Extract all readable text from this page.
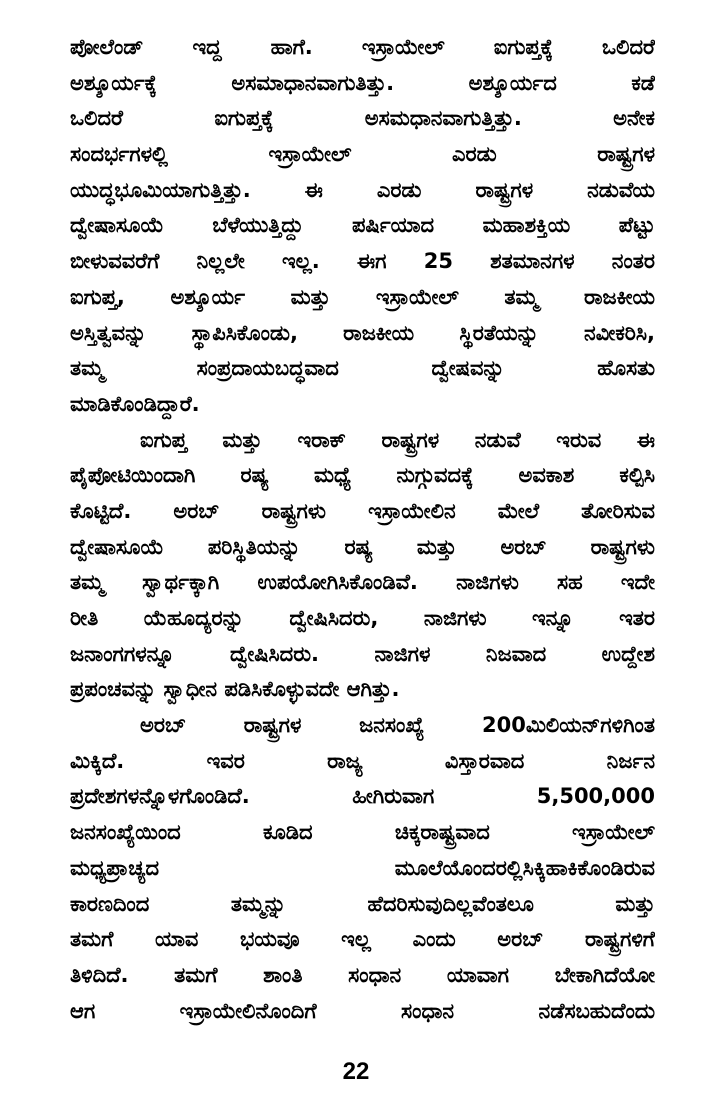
ಪೋಲೆಂಡ್ ಇದ್ದ ಹಾಗೆ. ಇಸ್ರಾಯೇಲ್ ಐಗುಪ್ತಕ್ಕೆ ಒಲಿದರೆ
ಅಶ್ಶೂರ್ಯಕ್ಕೆ ಅಸಮಾಧಾನವಾಗುತಿತ್ತು. ಅಶ್ಶೂರ್ಯದ ಕಡೆ
ಒಲಿದರೆ ಐಗುಪ್ತಕ್ಕೆ ಅಸಮಧಾನವಾಗುತ್ತಿತ್ತು. ಅನೇಕ
ಸಂದರ್ಭಗಳಲ್ಲಿ ಇಸ್ರಾಯೇಲ್ ಎರಡು ರಾಷ್ಟ್ರಗಳ
ಯುದ್ಧಭೂಮಿಯಾಗುತ್ತಿತ್ತು. ಈ ಎರಡು ರಾಷ್ಟ್ರಗಳ ನಡುವೆಯ
ದ್ವೇಷಾಸೂಯೆ ಬೆಳೆಯುತ್ತಿದ್ದು ಪರ್ಷಿಯಾದ ಮಹಾಶಕ್ತಿಯ ಪೆಟ್ಟು
ಬೀಳುವವರೆಗೆ ನಿಲ್ಲಲೇ ಇಲ್ಲ. ಈಗ 25 ಶತಮಾನಗಳ ನಂತರ
ಐಗುಪ್ತ, ಅಶ್ಶೂರ್ಯ ಮತ್ತು ಇಸ್ರಾಯೇಲ್ ತಮ್ಮ ರಾಜಕೀಯ
ಅಸ್ತಿತ್ವವನ್ನು ಸ್ಥಾಪಿಸಿಕೊಂಡು, ರಾಜಕೀಯ ಸ್ಥಿರತೆಯನ್ನು ನವೀಕರಿಸಿ,
ತಮ್ಮ ಸಂಪ್ರದಾಯಬದ್ಧವಾದ ದ್ವೇಷವನ್ನು ಹೊಸತು
ಮಾಡಿಕೊಂಡಿದ್ದಾರೆ.
ಐಗುಪ್ತ ಮತ್ತು ಇರಾಕ್ ರಾಷ್ಟ್ರಗಳ ನಡುವೆ ಇರುವ ಈ
ಪೈಪೋಟಿಯಿಂದಾಗಿ ರಷ್ಯ ಮಧ್ಯೆ ನುಗ್ಗುವದಕ್ಕೆ ಅವಕಾಶ ಕಲ್ಪಿಸಿ
ಕೊಟ್ಟಿದೆ. ಅರಬ್ ರಾಷ್ಟ್ರಗಳು ಇಸ್ರಾಯೇಲಿನ ಮೇಲೆ ತೋರಿಸುವ
ದ್ವೇಷಾಸೂಯೆ ಪರಿಸ್ಥಿತಿಯನ್ನು ರಷ್ಯ ಮತ್ತು ಅರಬ್ ರಾಷ್ಟ್ರಗಳು
ತಮ್ಮ ಸ್ವಾರ್ಥಕ್ಕಾಗಿ ಉಪಯೋಗಿಸಿಕೊಂಡಿವೆ. ನಾಜಿಗಳು ಸಹ ಇದೇ
ರೀತಿ ಯೆಹೂದ್ಯರನ್ನು ದ್ವೇಷಿಸಿದರು, ನಾಜಿಗಳು ಇನ್ನೂ ಇತರ
ಜನಾಂಗಗಳನ್ನೂ ದ್ವೇಷಿಸಿದರು. ನಾಜಿಗಳ ನಿಜವಾದ ಉದ್ದೇಶ
ಪ್ರಪಂಚವನ್ನು ಸ್ವಾಧೀನ ಪಡಿಸಿಕೊಳ್ಳುವದೇ ಆಗಿತ್ತು.
ಅರಬ್ ರಾಷ್ಟ್ರಗಳ ಜನಸಂಖ್ಯೆ 200ಮಿಲಿಯನ್‌ಗಳಿಗಿಂತ
ಮಿಕ್ಕಿದೆ. ಇವರ ರಾಜ್ಯ ವಿಸ್ತಾರವಾದ ನಿರ್ಜನ
ಪ್ರದೇಶಗಳನ್ನೊಳಗೊಂಡಿದೆ. ಹೀಗಿರುವಾಗ 5,500,000
ಜನಸಂಖ್ಯೆಯಿಂದ ಕೂಡಿದ ಚಿಕ್ಕರಾಷ್ಟ್ರವಾದ ಇಸ್ರಾಯೇಲ್
ಮಧ್ಯಪ್ರಾಚ್ಯದ ಮೂಲೆಯೊಂದರಲ್ಲಿಸಿಕ್ಕಿಹಾಕಿಕೊಂಡಿರುವ
ಕಾರಣದಿಂದ ತಮ್ಮನ್ನು ಹೆದರಿಸುವುದಿಲ್ಲವೆಂತಲೂ ಮತ್ತು
ತಮಗೆ ಯಾವ ಭಯವೂ ಇಲ್ಲ ಎಂದು ಅರಬ್ ರಾಷ್ಟ್ರಗಳಿಗೆ
ತಿಳಿದಿದೆ. ತಮಗೆ ಶಾಂತಿ ಸಂಧಾನ ಯಾವಾಗ ಬೇಕಾಗಿದೆಯೋ
ಆಗ ಇಸ್ರಾಯೇಲಿನೊಂದಿಗೆ ಸಂಧಾನ ನಡೆಸಬಹುದೆಂದು
22
